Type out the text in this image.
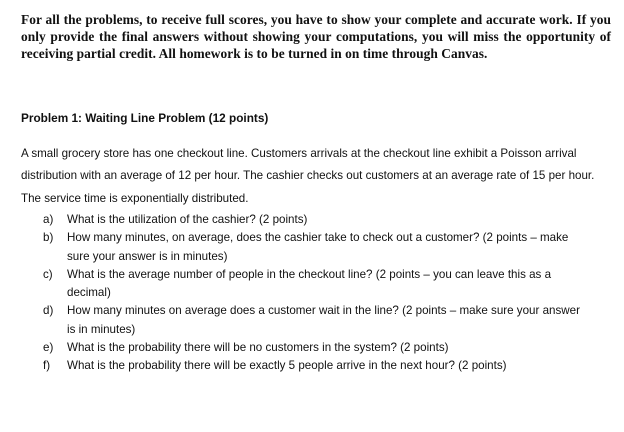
For all the problems, to receive full scores, you have to show your complete and accurate work. If you only provide the final answers without showing your computations, you will miss the opportunity of receiving partial credit. All homework is to be turned in on time through Canvas.

Problem 1: Waiting Line Problem (12 points)

A small grocery store has one checkout line. Customers arrivals at the checkout line exhibit a Poisson arrival distribution with an average of 12 per hour. The cashier checks out customers at an average rate of 15 per hour. The service time is exponentially distributed.

a) What is the utilization of the cashier? (2 points)
b) How many minutes, on average, does the cashier take to check out a customer? (2 points – make sure your answer is in minutes)
c) What is the average number of people in the checkout line? (2 points – you can leave this as a decimal)
d) How many minutes on average does a customer wait in the line? (2 points – make sure your answer is in minutes)
e) What is the probability there will be no customers in the system? (2 points)
f) What is the probability there will be exactly 5 people arrive in the next hour? (2 points)
